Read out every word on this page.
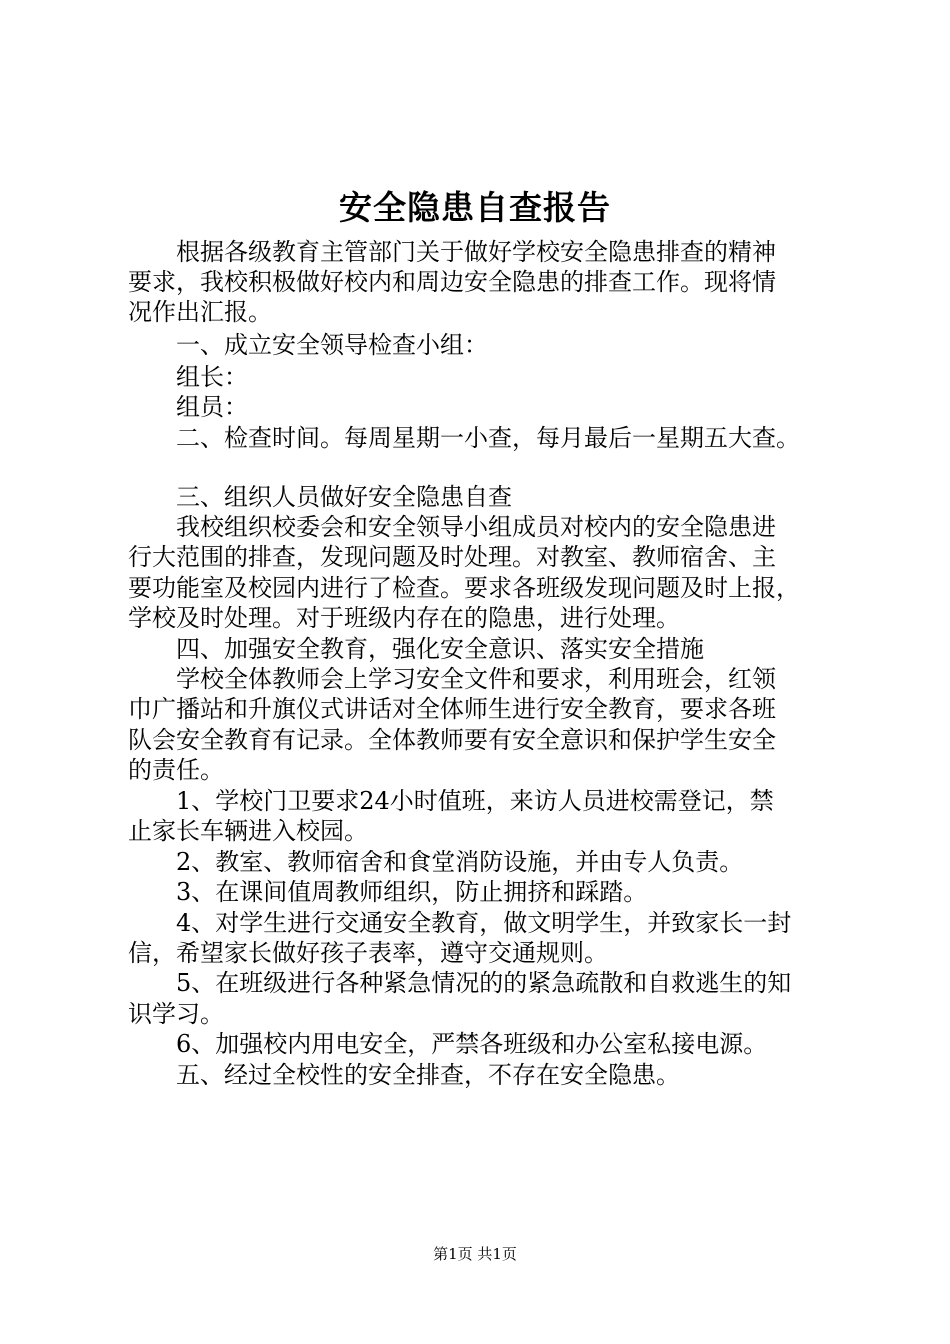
安全隐患自查报告
　　根据各级教育主管部门关于做好学校安全隐患排查的精神
要求，我校积极做好校内和周边安全隐患的排查工作。现将情
况作出汇报。
　　一、成立安全领导检查小组：
　　组长：
　　组员：
　　二、检查时间。每周星期一小查，每月最后一星期五大查。
　　三、组织人员做好安全隐患自查
　　我校组织校委会和安全领导小组成员对校内的安全隐患进
行大范围的排查，发现问题及时处理。对教室、教师宿舍、主
要功能室及校园内进行了检查。要求各班级发现问题及时上报，
学校及时处理。对于班级内存在的隐患，进行处理。
　　四、加强安全教育，强化安全意识、落实安全措施
　　学校全体教师会上学习安全文件和要求，利用班会，红领
巾广播站和升旗仪式讲话对全体师生进行安全教育，要求各班
队会安全教育有记录。全体教师要有安全意识和保护学生安全
的责任。
　　1、学校门卫要求24小时值班，来访人员进校需登记，禁
止家长车辆进入校园。
　　2、教室、教师宿舍和食堂消防设施，并由专人负责。
　　3、在课间值周教师组织，防止拥挤和踩踏。
　　4、对学生进行交通安全教育，做文明学生，并致家长一封
信，希望家长做好孩子表率，遵守交通规则。
　　5、在班级进行各种紧急情况的的紧急疏散和自救逃生的知
识学习。
　　6、加强校内用电安全，严禁各班级和办公室私接电源。
　　五、经过全校性的安全排查，不存在安全隐患。
第1页 共1页
